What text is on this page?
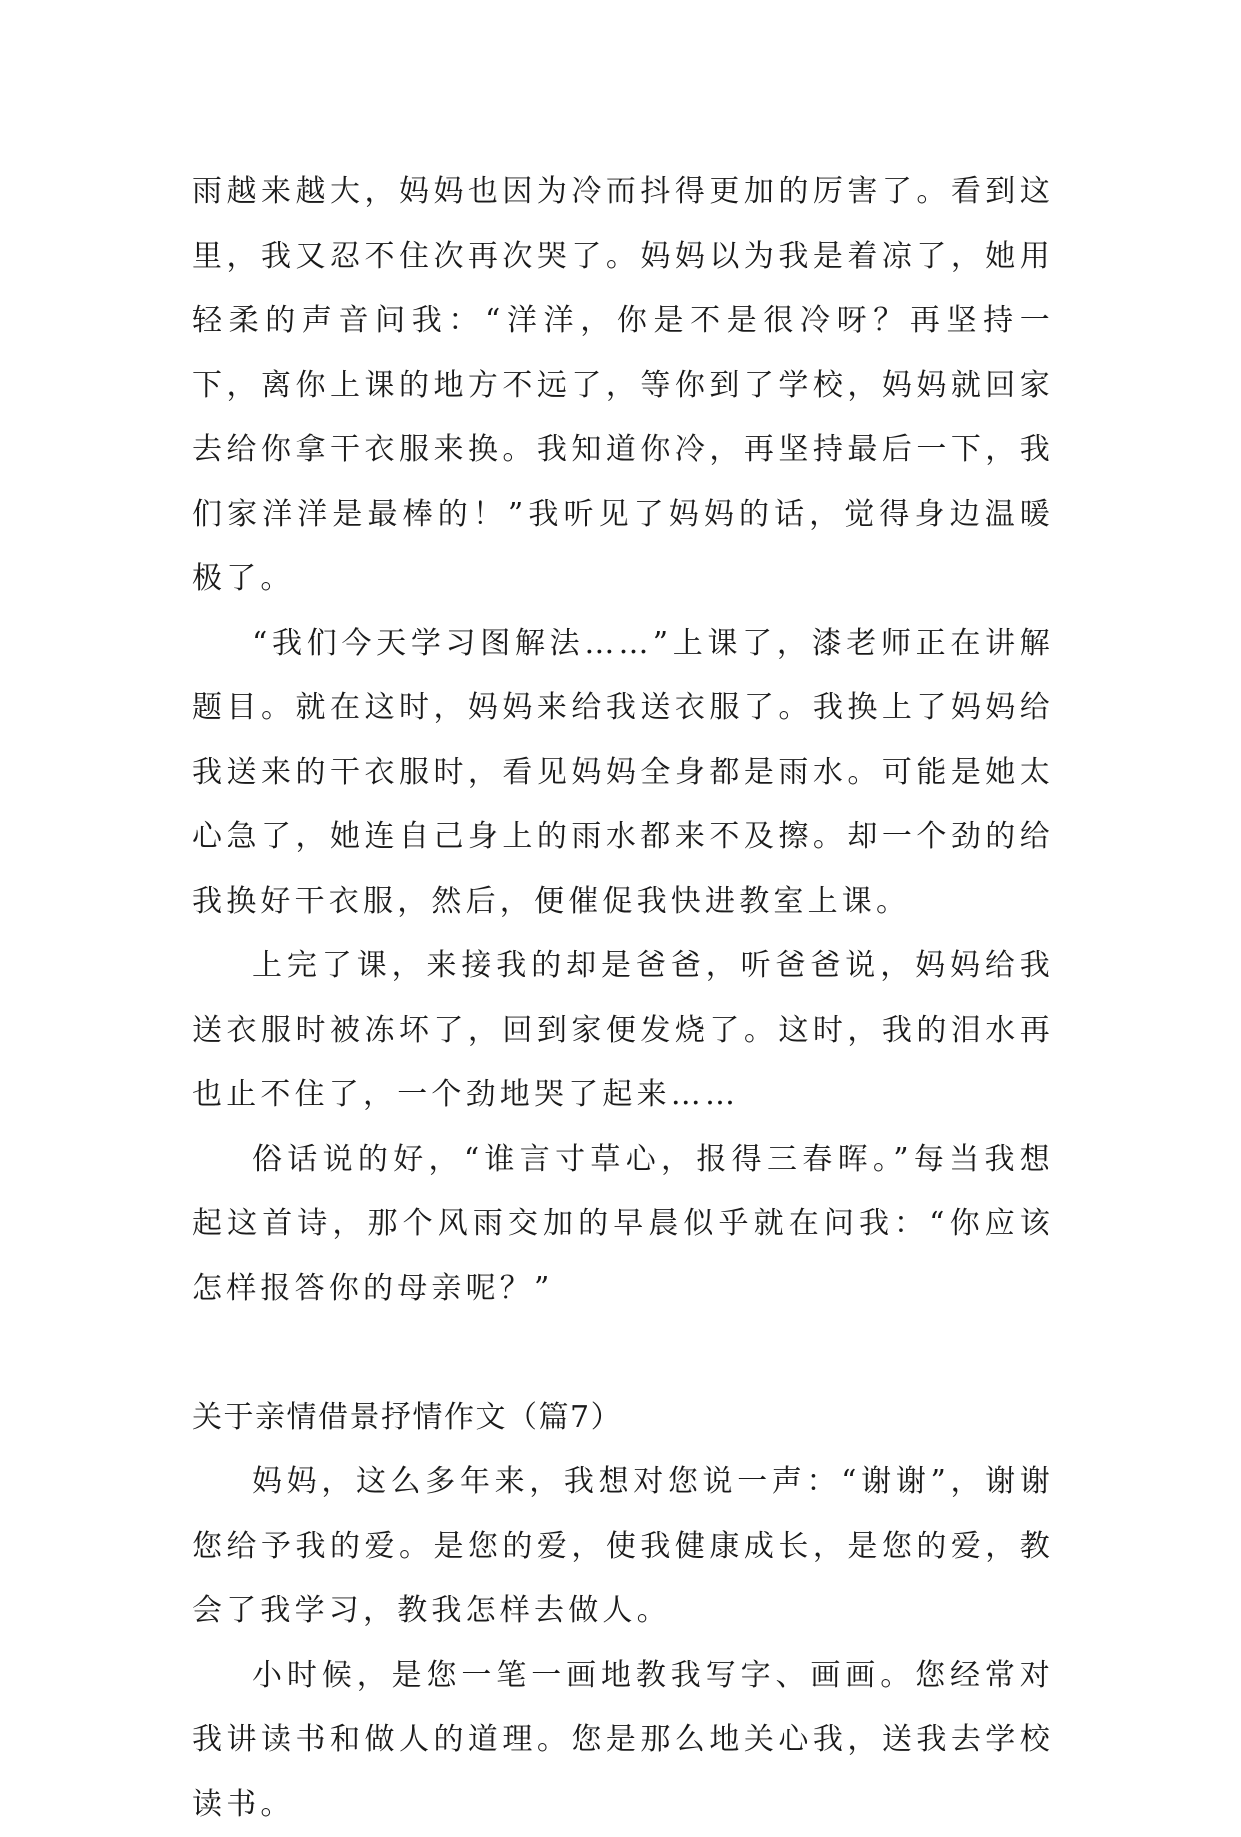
雨越来越大，妈妈也因为冷而抖得更加的厉害了。看到这里，我又忍不住次再次哭了。妈妈以为我是着凉了，她用轻柔的声音问我：“洋洋，你是不是很冷呀？再坚持一下，离你上课的地方不远了，等你到了学校，妈妈就回家去给你拿干衣服来换。我知道你冷，再坚持最后一下，我们家洋洋是最棒的！”我听见了妈妈的话，觉得身边温暖极了。

“我们今天学习图解法……”上课了，漆老师正在讲解题目。就在这时，妈妈来给我送衣服了。我换上了妈妈给我送来的干衣服时，看见妈妈全身都是雨水。可能是她太心急了，她连自己身上的雨水都来不及擦。却一个劲的给我换好干衣服，然后，便催促我快进教室上课。

上完了课，来接我的却是爸爸，听爸爸说，妈妈给我送衣服时被冻坏了，回到家便发烧了。这时，我的泪水再也止不住了，一个劲地哭了起来……

俗话说的好，“谁言寸草心，报得三春晖。”每当我想起这首诗，那个风雨交加的早晨似乎就在问我：“你应该怎样报答你的母亲呢？”

关于亲情借景抒情作文（篇7）

妈妈，这么多年来，我想对您说一声：“谢谢”，谢谢您给予我的爱。是您的爱，使我健康成长，是您的爱，教会了我学习，教我怎样去做人。

小时候，是您一笔一画地教我写字、画画。您经常对我讲读书和做人的道理。您是那么地关心我，送我去学校读书。
